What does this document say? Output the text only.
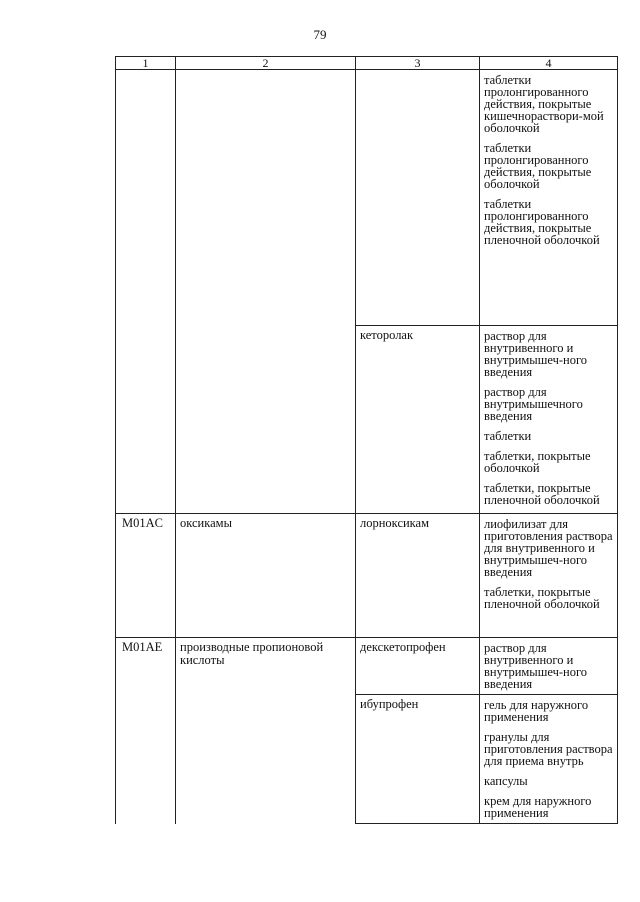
79
1	2	3	4

			таблетки пролонгированного действия, покрытые кишечнораствори-мой оболочкой
таблетки пролонгированного действия, покрытые оболочкой
таблетки пролонгированного действия, покрытые пленочной оболочкой

		кеторолак	раствор для внутривенного и внутримышеч-ного введения
раствор для внутримышечного введения
таблетки
таблетки, покрытые оболочкой
таблетки, покрытые пленочной оболочкой

M01AC	оксикамы	лорноксикам	лиофилизат для приготовления раствора для внутривенного и внутримышеч-ного введения
таблетки, покрытые пленочной оболочкой

M01AE	производные пропионовой кислоты	декскетопрофен	раствор для внутривенного и внутримышеч-ного введения

		ибупрофен	гель для наружного применения
гранулы для приготовления раствора для приема внутрь
капсулы
крем для наружного применения
